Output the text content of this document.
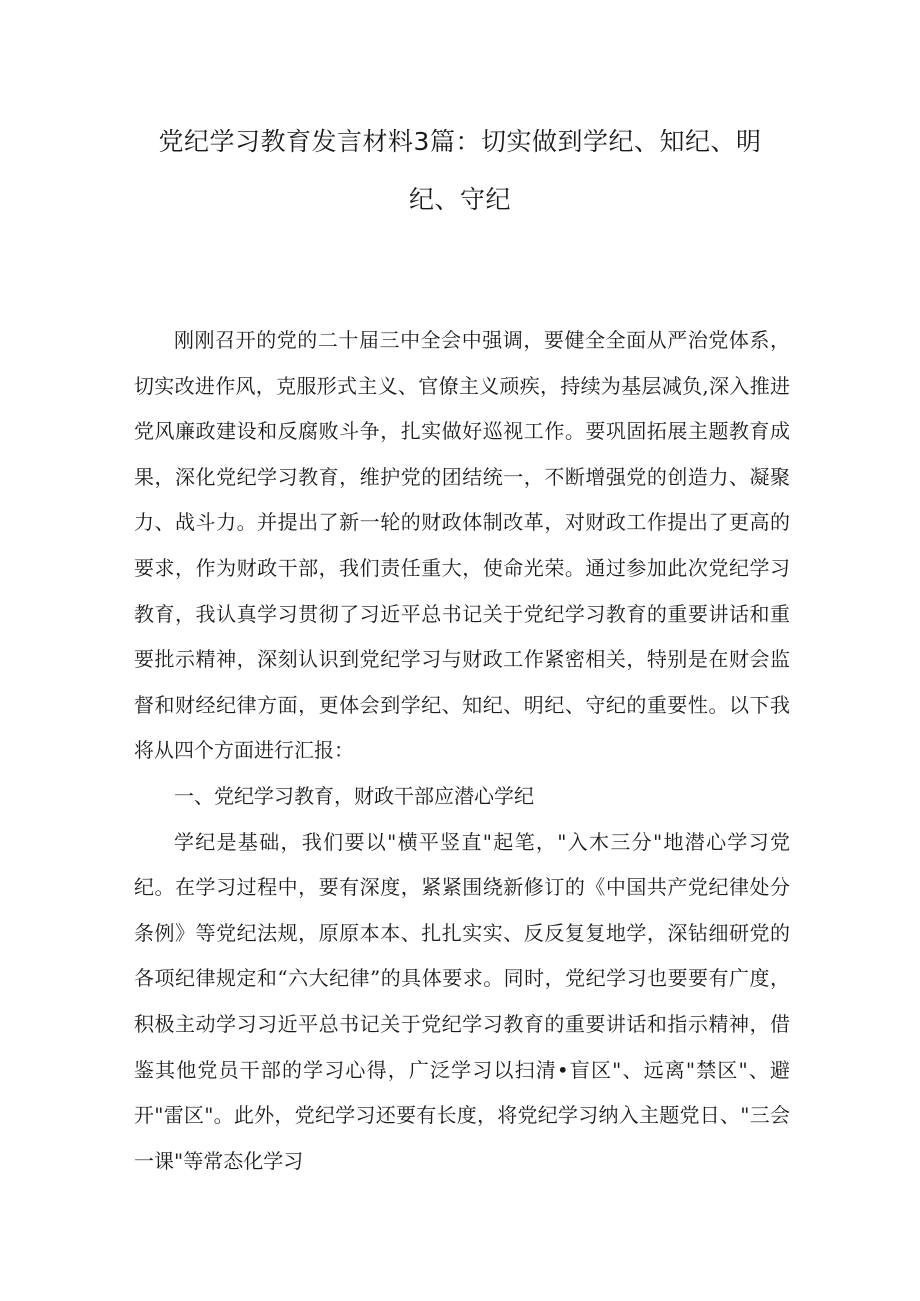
党纪学习教育发言材料3篇：切实做到学纪、知纪、明
纪、守纪

刚刚召开的党的二十届三中全会中强调，要健全全面从严治党体系，切实改进作风，克服形式主义、官僚主义顽疾，持续为基层减负,深入推进党风廉政建设和反腐败斗争，扎实做好巡视工作。要巩固拓展主题教育成果，深化党纪学习教育，维护党的团结统一，不断增强党的创造力、凝聚力、战斗力。并提出了新一轮的财政体制改革，对财政工作提出了更高的要求，作为财政干部，我们责任重大，使命光荣。通过参加此次党纪学习教育，我认真学习贯彻了习近平总书记关于党纪学习教育的重要讲话和重要批示精神，深刻认识到党纪学习与财政工作紧密相关，特别是在财会监督和财经纪律方面，更体会到学纪、知纪、明纪、守纪的重要性。以下我将从四个方面进行汇报：

一、党纪学习教育，财政干部应潜心学纪

学纪是基础，我们要以"横平竖直"起笔，"入木三分"地潜心学习党纪。在学习过程中，要有深度，紧紧围绕新修订的《中国共产党纪律处分条例》等党纪法规，原原本本、扎扎实实、反反复复地学，深钻细研党的各项纪律规定和“六大纪律”的具体要求。同时，党纪学习也要要有广度，积极主动学习习近平总书记关于党纪学习教育的重要讲话和指示精神，借鉴其他党员干部的学习心得，广泛学习以扫清•盲区"、远离"禁区"、避开"雷区"。此外，党纪学习还要有长度，将党纪学习纳入主题党日、"三会一课"等常态化学习
